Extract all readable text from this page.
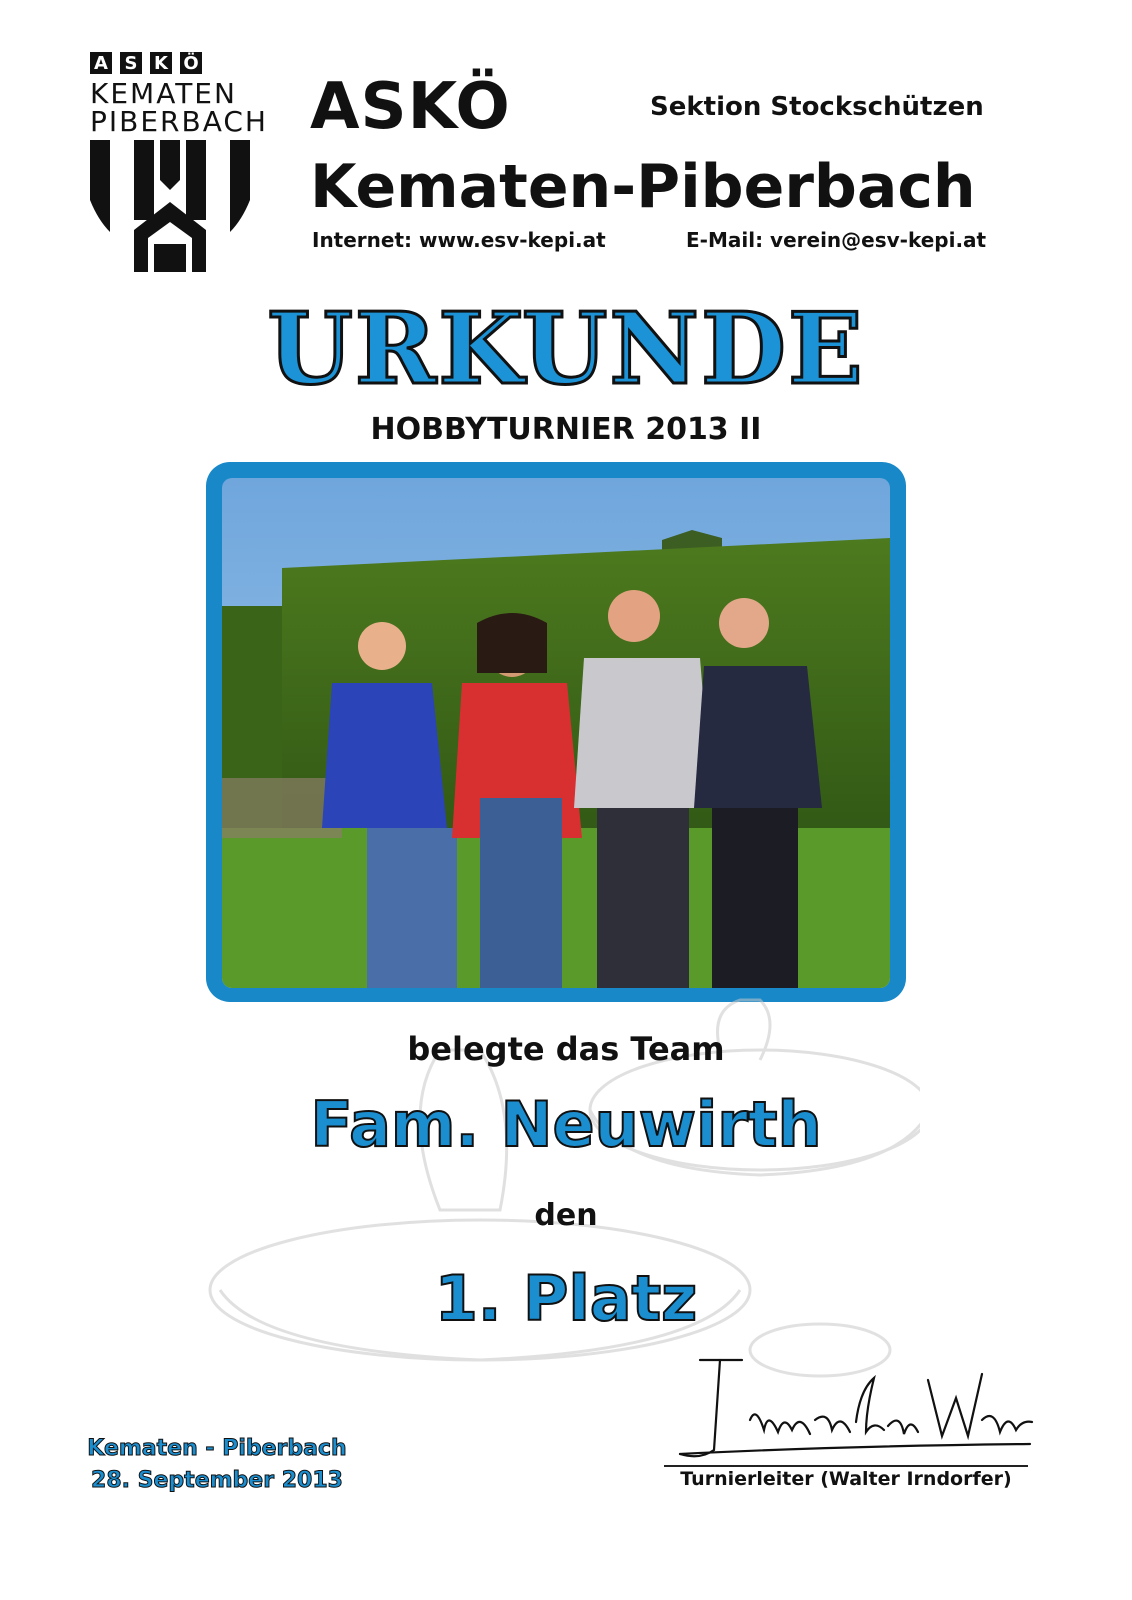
A S K Ö
KEMATEN
PIBERBACH ASKÖ
Kematen-Piberbach
Sektion Stockschützen
Internet: www.esv-kepi.at	E-Mail: verein@esv-kepi.at
URKUNDE
HOBBYTURNIER 2013 II
belegte das Team
Fam. Neuwirth
den
1. Platz
Kematen - Piberbach
28. September 2013	Turnierleiter (Walter Irndorfer)
